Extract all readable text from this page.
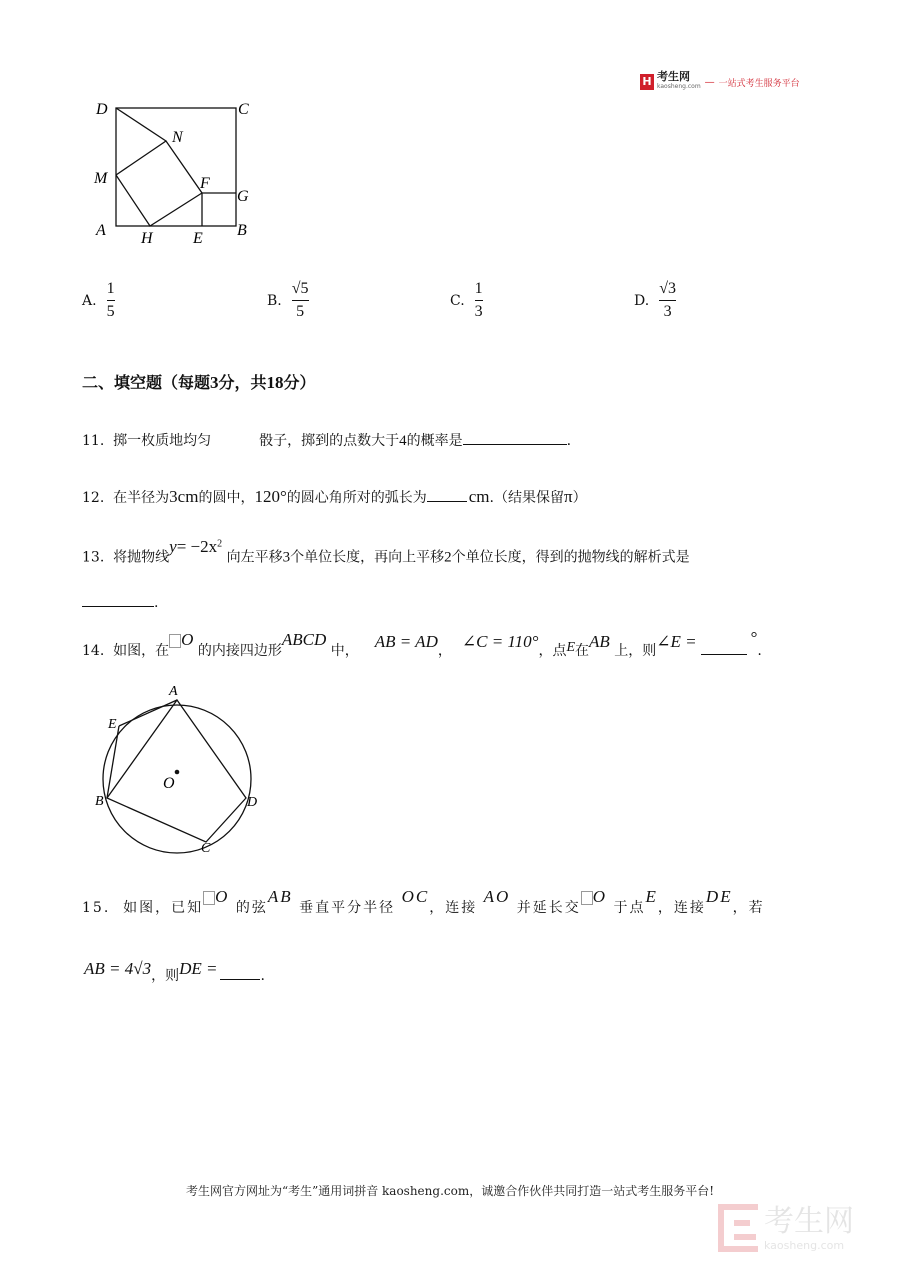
H 考生网
kaosheng.com — 一站式考生服务平台
D	C
N
M	F
G
A H	E B
A. $\frac{1}{5}$	B. $\frac{√5}{5}$	C. $\frac{1}{3}$	D. $\frac{√3}{3}$
二、填空题（每题3分，共18分）
11. 掷一枚质地均匀	骰子，掷到的点数大于4的概率是	.
12. 在半径为3cm的圆中，120°的圆心角所对的弧长为 cm.（结果保留π）
13. 将抛物线$y= -2x^2$ 向左平移3个单位长度，再向上平移2个单位长度，得到的抛物线的解析式是
.
14. 如图，在O 的内接四边形ABCD 中， AB = AD， ∠C = 110°，点E在AB 上，则∠E =	°.
A
E
O
B	D
C
15. 如图，已知O 的弦AB 垂直平分半径 OC，连接 AO 并延长交O 于点E，连接DE，若
AB = 4√3，则DE =	.
考生网官方网址为“考生”通用词拼音 kaosheng.com，诚邀合作伙伴共同打造一站式考生服务平台!
考生网
kaosheng.com
